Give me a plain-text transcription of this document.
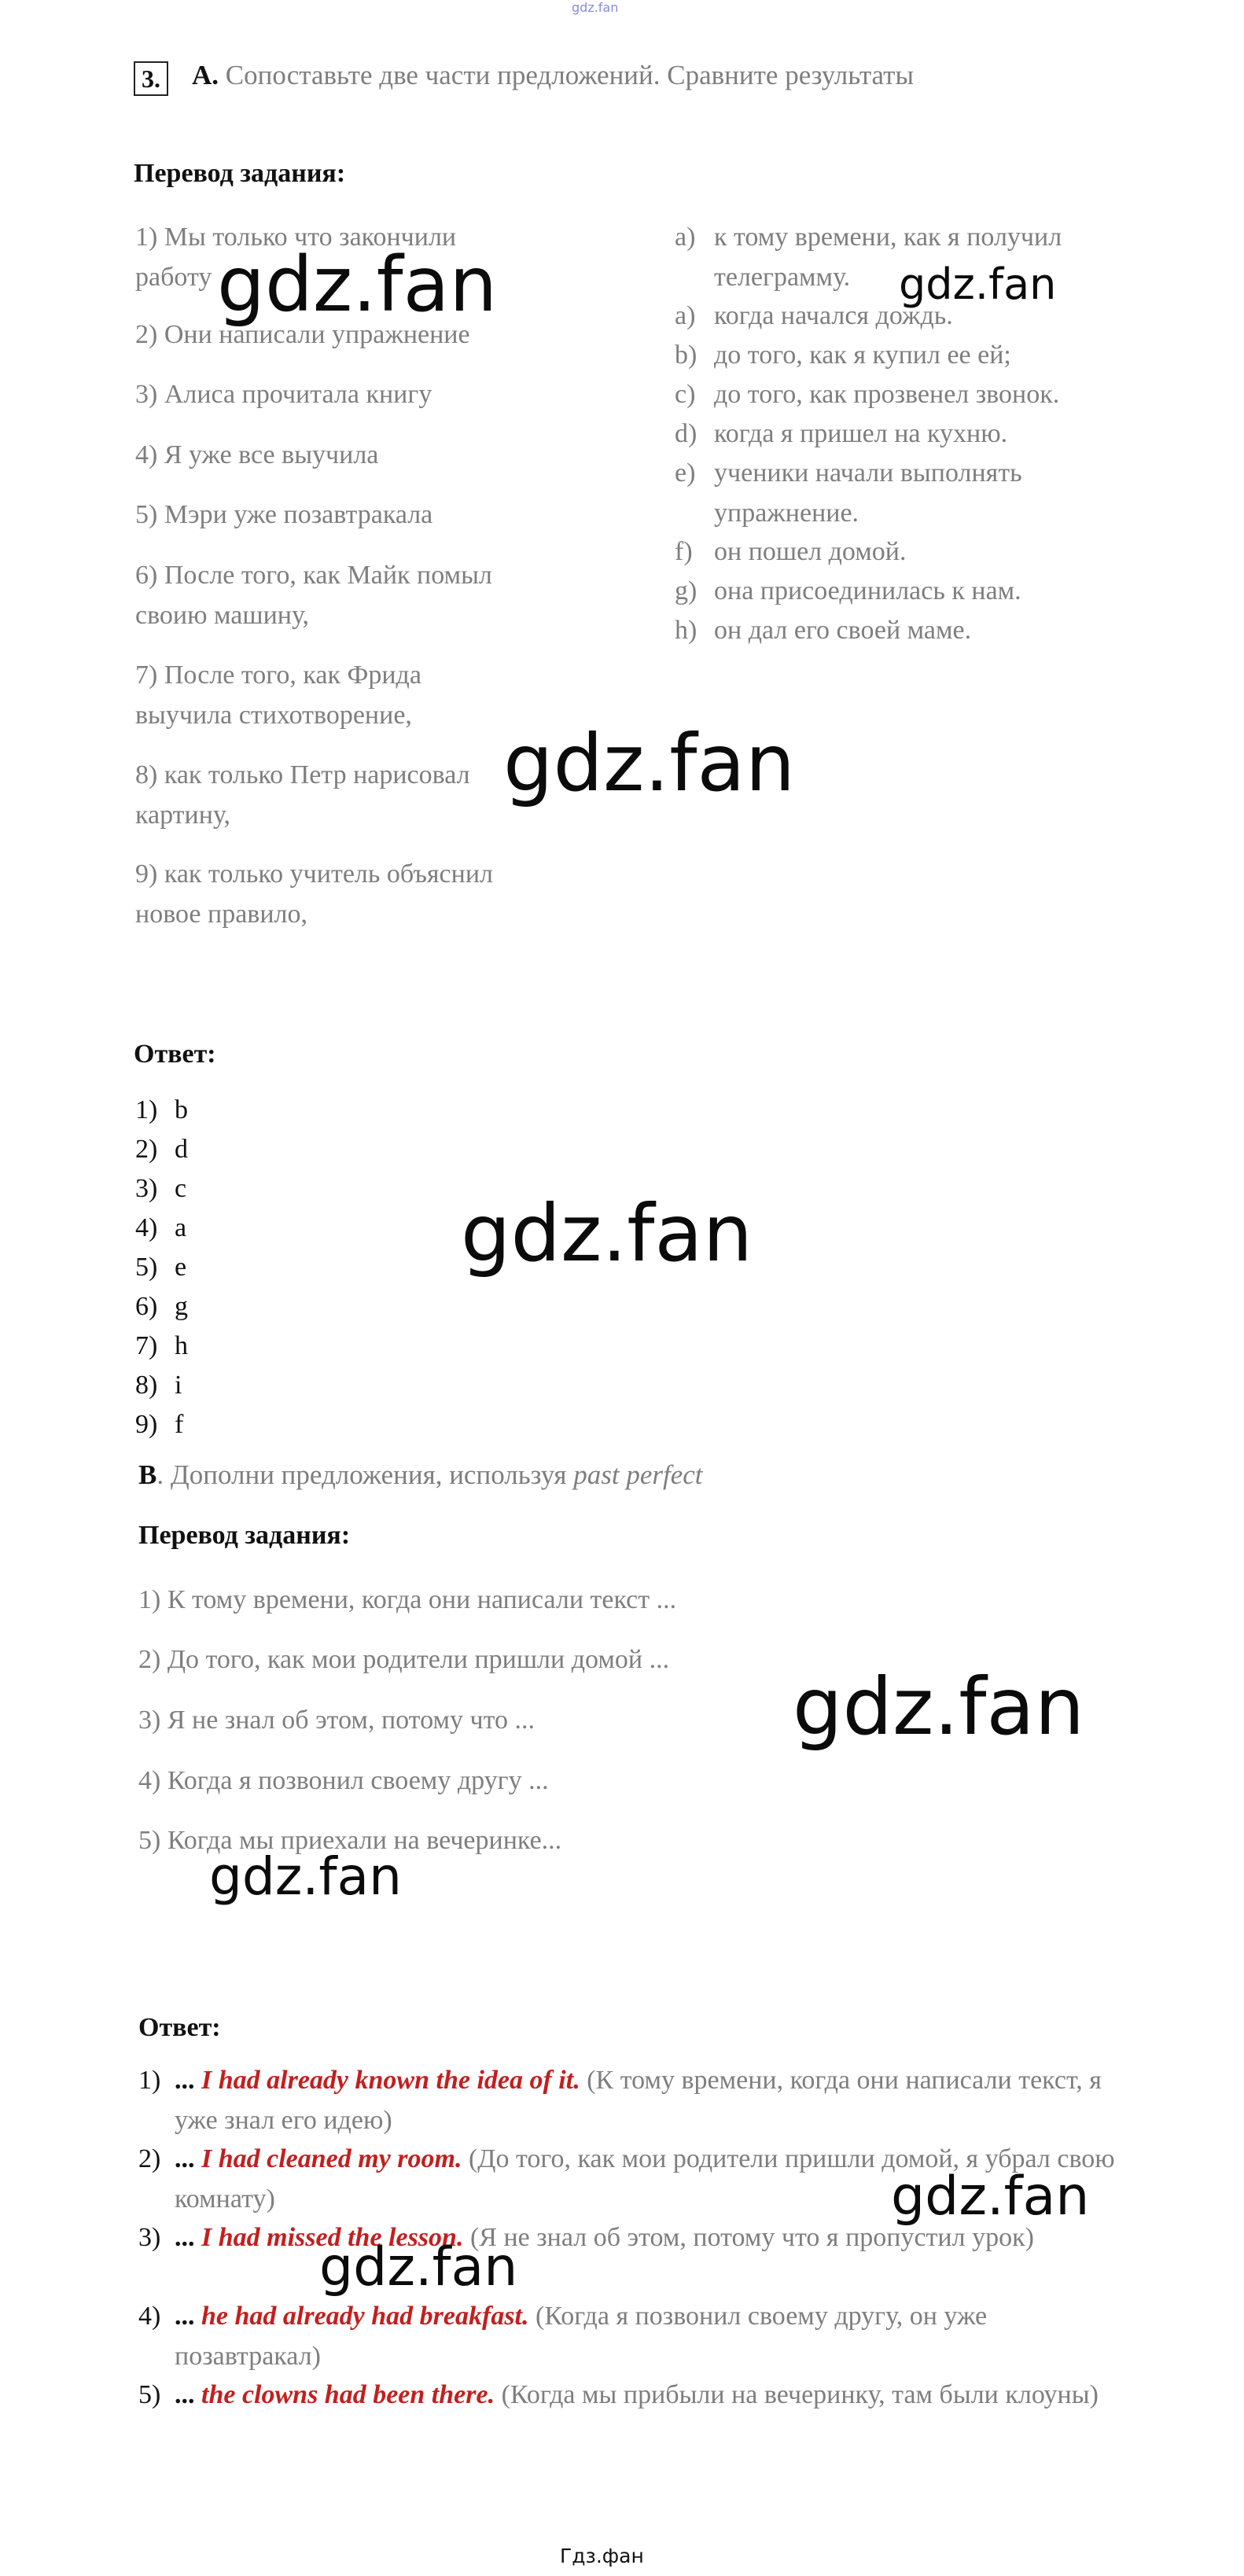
gdz.fan
3. A. Сопоставьте две части предложений. Сравните результаты
Перевод задания:
1) Мы только что закончили работу
2) Они написали упражнение
3) Алиса прочитала книгу
4) Я уже все выучила
5) Мэри уже позавтракала
6) После того, как Майк помыл своию машину,
7) После того, как Фрида выучила стихотворение,
8) как только Петр нарисовал картину,
9) как только учитель объяснил новое правило,
a) к тому времени, как я получил телеграмму.
a) когда начался дождь.
b) до того, как я купил ее ей;
c) до того, как прозвенел звонок.
d) когда я пришел на кухню.
e) ученики начали выполнять упражнение.
f) он пошел домой.
g) она присоединилась к нам.
h) он дал его своей маме.
Ответ:
1) b
2) d
3) c
4) a
5) e
6) g
7) h
8) i
9) f
B. Дополни предложения, используя past perfect
Перевод задания:
1) К тому времени, когда они написали текст ...
2) До того, как мои родители пришли домой ...
3) Я не знал об этом, потому что ...
4) Когда я позвонил своему другу ...
5) Когда мы приехали на вечеринке...
Ответ:
1) ... I had already known the idea of it. (К тому времени, когда они написали текст, я уже знал его идею)
2) ... I had cleaned my room. (До того, как мои родители пришли домой, я убрал свою комнату)
3) ... I had missed the lesson. (Я не знал об этом, потому что я пропустил урок)
4) ... he had already had breakfast. (Когда я позвонил своему другу, он уже позавтракал)
5) ... the clowns had been there. (Когда мы прибыли на вечеринку, там были клоуны)
Гдз.фан
gdz.fan	gdz.fan
gdz.fan
gdz.fan
gdz.fan
gdz.fan
gdz.fan
gdz.fan
